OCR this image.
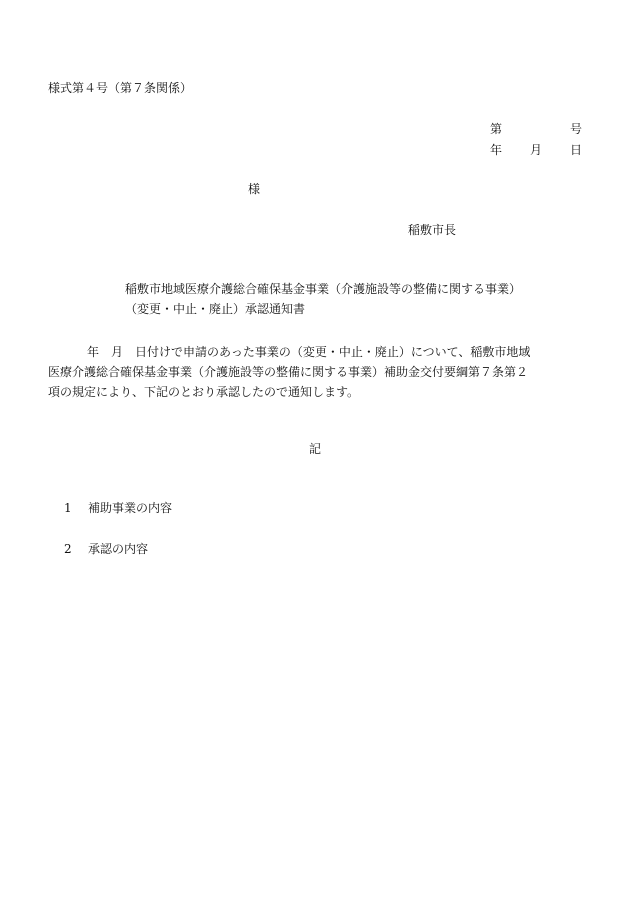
様式第４号（第７条関係）
第	号
年 月 日
様
稲敷市長
稲敷市地域医療介護総合確保基金事業（介護施設等の整備に関する事業）
（変更・中止・廃止）承認通知書
年　月　日付けで申請のあった事業の（変更・中止・廃止）について、稲敷市地域
医療介護総合確保基金事業（介護施設等の整備に関する事業）補助金交付要綱第７条第２
項の規定により、下記のとおり承認したので通知します。
記
1 補助事業の内容
2 承認の内容
